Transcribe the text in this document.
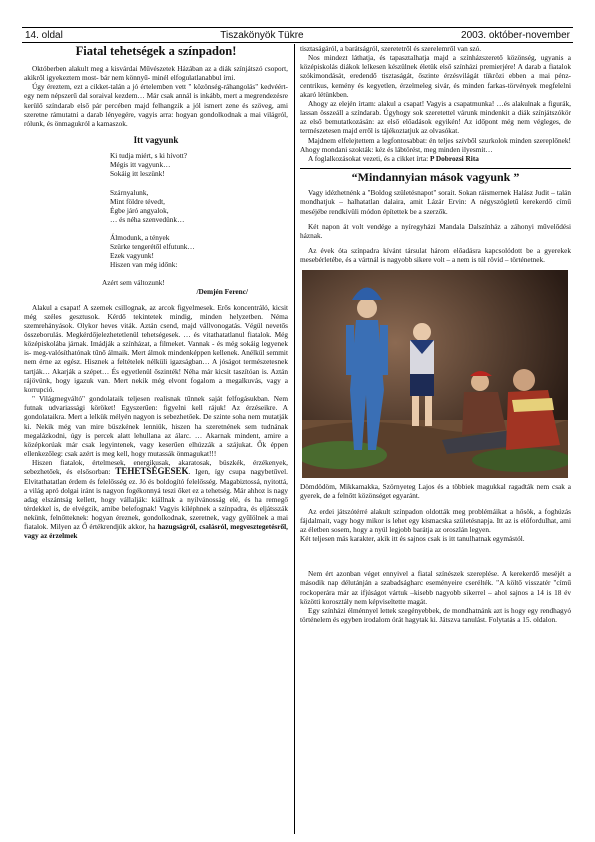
14. oldal	Tiszakönyök Tükre	2003. október-november
Fiatal tehetségek a színpadon!

Októberben alakult meg a kisvárdai Művészetek Házában az a diák színjátszó csoport, akikről igyekeztem most- bár nem könnyű- minél elfogulatlanabbul írni.

Úgy éreztem, ezt a cikket-talán a jó értelemben vett " közönség-ráhangolás" kedvéért- egy nem népszerű dal soraival kezdem… Már csak annál is inkább, mert a megrendezésre kerülő színdarab első pár percében majd felhangzik a jól ismert zene és szöveg, ami szeretne rámutatni a darab lényegére, vagyis arra: hogyan gondolkodnak a mai világról, rólunk, és önmagukról a kamaszok.

Itt vagyunk
Ki tudja miért, s ki hívott?
Mégis itt vagyunk…
Sokáig itt leszünk!
Szárnyalunk,
Mint földre tévedt,
Égbe járó angyalok,
… és néha szenvedünk…
Álmodunk, a tények
Szürke tengerétől elfutunk…
Ezek vagyunk!
Hiszen van még időnk:
Azért sem változunk!
/Demjén Ferenc/

Alakul a csapat! A szemek csillognak, az arcok figyelmesek. Erős koncentráló, kicsit még széles gesztusok. Kérdő tekintetek mindig, minden helyzetben. Néma szemrehányások. Olykor heves viták. Aztán csend, majd vállvonogatás. Végül nevetős összeborulás. Megkérdőjelezhetetlenül tehetségesek. … és vitathatatlanul fiatalok. Még középiskolába járnak. Imádják a színházat, a filmeket. Vannak - és még sokáig legyenek is- meg-valósíthatónak tűnő álmaik. Mert álmok mindenképpen kellenek. Anélkül semmit nem érne az egész. Hisznek a feltételek nélküli igazságban… A jóságot természetesnek tartják… Akarják a szépet… És egyetlenül őszinték! Néha már kicsit taszítóan is. Aztán rájövünk, hogy igazuk van. Mert nekik még elvont fogalom a megalkuvás, vagy a korrupció.

" Világmegváltó" gondolataik teljesen realisnak tűnnek saját felfogásukban. Nem futnak udvariassági köröket! Egyszerűen: figyelni kell rájuk! Az érzéseikre. A gondolataikra. Mert a lelkük mélyén nagyon is sebezhetőek. De szinte soha nem mutatják ki. Nekik még van mire büszkének lenniük, hiszen ha szeretnének sem tudnának megalázkodni, úgy is percek alatt lehullana az álarc. … Akarnak mindent, amire a középkorúak már csak legyintenek, vagy keserűen elhúzzák a szájukat. Ők éppen ellenkezőleg: csak azért is meg kell, hogy mutassák önmagukat!!!

Hiszen fiatalok, értelmesek, energikusak, akaratosak, büszkék, érzékenyek, sebezhetőek, és elsősorban: TEHETSÉGESEK. Igen, így csupa nagybetűvel. Elvitathatatlan érdem és felelősség ez. Jó és boldogító felelősség. Magabiztossá, nyitottá, a világ apró dolgai iránt is nagyon fogékonnyá teszi őket ez a tehetség. Már ahhoz is nagy adag elszántság kellett, hogy vállalják: kiállnak a nyilvánosság elé, és ha remegő térdekkel is, de elvégzik, amibe belefognak! Vagyis kiléphnek a színpadra, és eljátsszák nekünk, felnőtteknek: hogyan éreznek, gondolkodnak, szeretnek, vagy gyűlölnek a mai fiatalok. Milyen az Ő értékrendjük akkor, ha hazugságról, csalásról, megvesztegetésről, vagy az érzelmek

tisztaságáról, a barátságról, szeretetről és szerelemről van szó.

Nos mindezt láthatja, és tapasztalhatja majd a színházszerető közönség, ugyanis a középiskolás diákok lelkesen készülnek életük első színházi premierjére! A darab a fiatalok szókimondását, eredendő tisztaságát, őszinte érzésvilágát tükrözi ebben a mai pénz-centrikus, kemény és kegyetlen, érzelmeleg sivár, és minden farkas-törvények megfelelni akaró létünkben.

Ahogy az elején írtam: alakul a csapat! Vagyis a csapatmunka! …és alakulnak a figurák, lassan összeáll a színdarab. Úgyhogy sok szeretettel várunk mindenkit a diák színjátszókör az első bemutatkozásán: az első előadások egyikén! Az időpont még nem végleges, de természetesen majd erről is tájékoztatjuk az olvasókat.

Majdnem elfelejtettem a legfontosabbat: én teljes szívből szurkolok minden szereplőnek! Ahogy mondani szokták: kéz és lábtörést, meg minden ilyesmit…

A foglalkozásokat vezeti, és a cikket írta: P Dobrozsi Rita

“Mindannyian mások vagyunk ”

Vagy idézhetnénk a "Boldog születésnapot" sorait. Sokan ráismernek Halász Judit – talán mondhatjuk – halhatatlan dalaira, amit Lázár Ervin: A négyszögletű kerekerdő című meséjébe rendkívüli módon építettek be a szerzők.

Két napon át volt vendége a nyíregyházi Mandala Dalszínház a záhonyi művelődési háznak.

Az évek óta színpadra kívánt társulat három előadásra kapcsolódott be a gyerekek mesebérletébe, és a vártnál is nagyobb sikere volt – a nem is túl rövid – történetnek.

Dömdödöm, Mikkamakka, Szörnyeteg Lajos és a többiek magukkal ragadták nem csak a gyerek, de a felnőtt közönséget egyaránt.

Az erdei játszótérré alakult színpadon oldották meg problémáikat a hősök, a foghúzás fájdalmait, vagy hogy mikor is lehet egy kismacska születésnapja. Itt az is előfordulhat, ami az életben sosem, hogy a nyúl legjobb barátja az oroszlán legyen.

Két teljesen más karakter, akik itt és sajnos csak is itt tanulhatnak egymástól.

Nem ért azonban véget ennyivel a fiatal színészek szereplése. A kerekerdő meséjét a második nap délutánján a szabadságharc eseményeire cserélték. "A költő visszatér "című rockoperára már az ifjúságot vártuk –kisebb nagyobb sikerrel – ahol sajnos a 14 is 18 év közötti korosztály nem képviseltette magát.

Egy színházi élménnyel lettek szegényebbek, de mondhatnánk azt is hogy egy rendhagyó történelem és egyben irodalom órát hagytak ki. Játszva tanulást. Folytatás a 15. oldalon.
